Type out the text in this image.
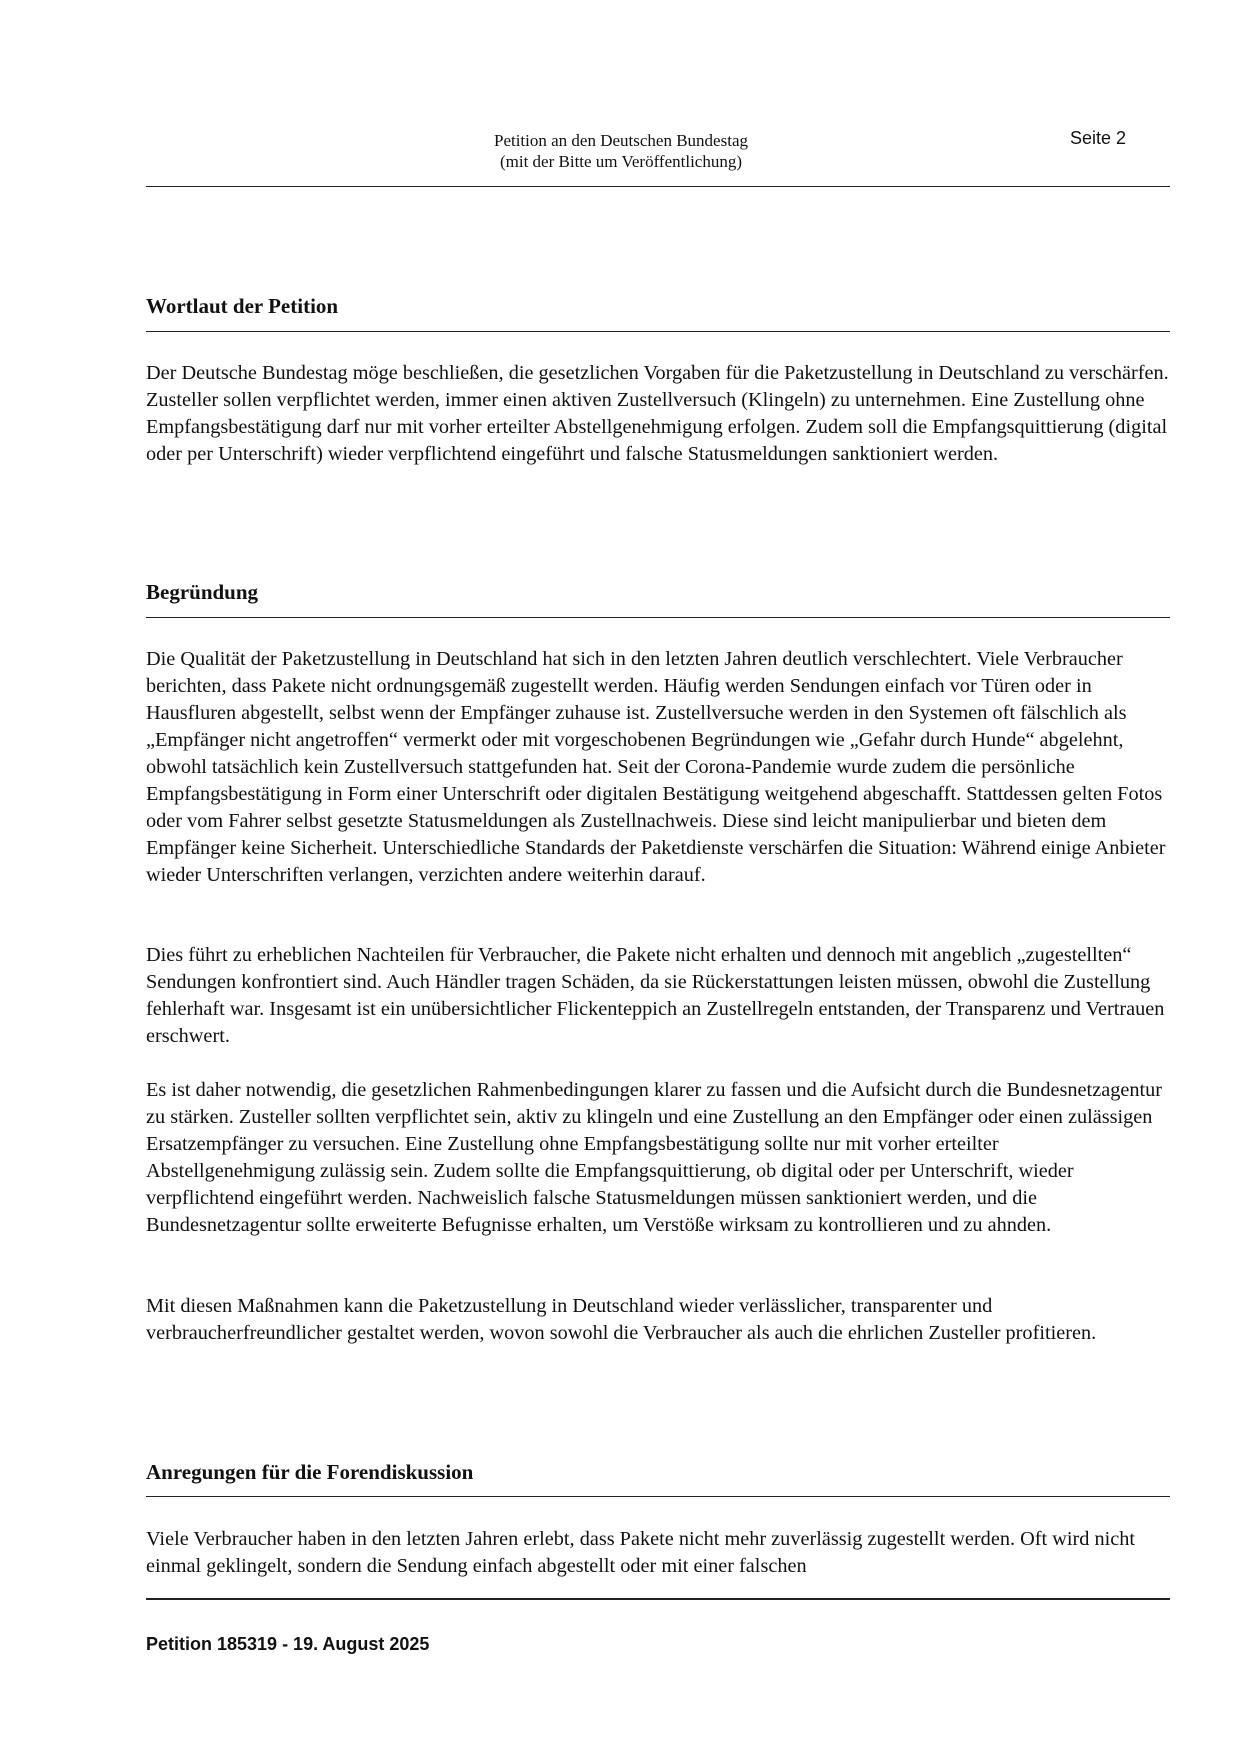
Petition an den Deutschen Bundestag
(mit der Bitte um Veröffentlichung)
Seite 2
Wortlaut der Petition

Der Deutsche Bundestag möge beschließen, die gesetzlichen Vorgaben für die Paketzustellung in Deutschland zu verschärfen. Zusteller sollen verpflichtet werden, immer einen aktiven Zustellversuch (Klingeln) zu unternehmen. Eine Zustellung ohne Empfangsbestätigung darf nur mit vorher erteilter Abstellgenehmigung erfolgen. Zudem soll die Empfangsquittierung (digital oder per Unterschrift) wieder verpflichtend eingeführt und falsche Statusmeldungen sanktioniert werden.

Begründung

Die Qualität der Paketzustellung in Deutschland hat sich in den letzten Jahren deutlich verschlechtert. Viele Verbraucher berichten, dass Pakete nicht ordnungsgemäß zugestellt werden. Häufig werden Sendungen einfach vor Türen oder in Hausfluren abgestellt, selbst wenn der Empfänger zuhause ist. Zustellversuche werden in den Systemen oft fälschlich als „Empfänger nicht angetroffen“ vermerkt oder mit vorgeschobenen Begründungen wie „Gefahr durch Hunde“ abgelehnt, obwohl tatsächlich kein Zustellversuch stattgefunden hat. Seit der Corona-Pandemie wurde zudem die persönliche Empfangsbestätigung in Form einer Unterschrift oder digitalen Bestätigung weitgehend abgeschafft. Stattdessen gelten Fotos oder vom Fahrer selbst gesetzte Statusmeldungen als Zustellnachweis. Diese sind leicht manipulierbar und bieten dem Empfänger keine Sicherheit. Unterschiedliche Standards der Paketdienste verschärfen die Situation: Während einige Anbieter wieder Unterschriften verlangen, verzichten andere weiterhin darauf.

Dies führt zu erheblichen Nachteilen für Verbraucher, die Pakete nicht erhalten und dennoch mit angeblich „zugestellten“ Sendungen konfrontiert sind. Auch Händler tragen Schäden, da sie Rückerstattungen leisten müssen, obwohl die Zustellung fehlerhaft war. Insgesamt ist ein unübersichtlicher Flickenteppich an Zustellregeln entstanden, der Transparenz und Vertrauen erschwert.

Es ist daher notwendig, die gesetzlichen Rahmenbedingungen klarer zu fassen und die Aufsicht durch die Bundesnetzagentur zu stärken. Zusteller sollten verpflichtet sein, aktiv zu klingeln und eine Zustellung an den Empfänger oder einen zulässigen Ersatzempfänger zu versuchen. Eine Zustellung ohne Empfangsbestätigung sollte nur mit vorher erteilter Abstellgenehmigung zulässig sein. Zudem sollte die Empfangsquittierung, ob digital oder per Unterschrift, wieder verpflichtend eingeführt werden. Nachweislich falsche Statusmeldungen müssen sanktioniert werden, und die Bundesnetzagentur sollte erweiterte Befugnisse erhalten, um Verstöße wirksam zu kontrollieren und zu ahnden.

Mit diesen Maßnahmen kann die Paketzustellung in Deutschland wieder verlässlicher, transparenter und verbraucherfreundlicher gestaltet werden, wovon sowohl die Verbraucher als auch die ehrlichen Zusteller profitieren.

Anregungen für die Forendiskussion

Viele Verbraucher haben in den letzten Jahren erlebt, dass Pakete nicht mehr zuverlässig zugestellt werden. Oft wird nicht einmal geklingelt, sondern die Sendung einfach abgestellt oder mit einer falschen

Petition 185319 - 19. August 2025
